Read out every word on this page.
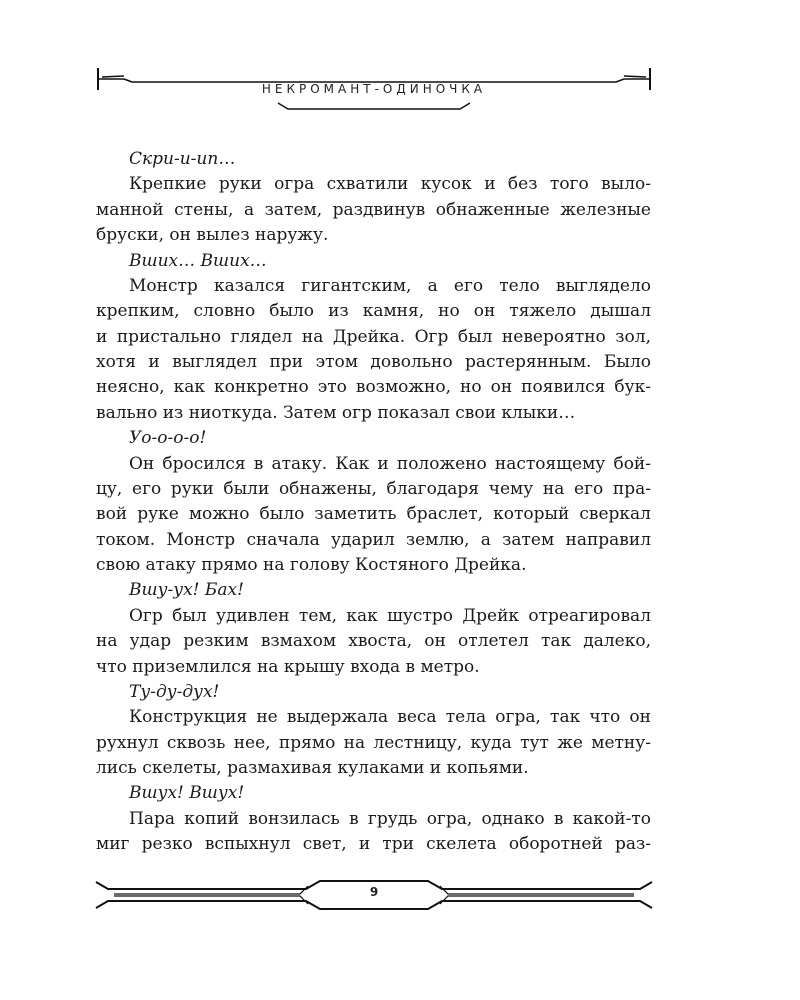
НЕКРОМАНТ-ОДИНОЧКА
Скри-и-ип…
Крепкие руки огра схватили кусок и без того выло-
манной стены, а затем, раздвинув обнаженные железные
бруски, он вылез наружу.
Вших… Вших…
Монстр казался гигантским, а его тело выглядело
крепким, словно было из камня, но он тяжело дышал
и пристально глядел на Дрейка. Огр был невероятно зол,
хотя и выглядел при этом довольно растерянным. Было
неясно, как конкретно это возможно, но он появился бук-
вально из ниоткуда. Затем огр показал свои клыки…
Уо-о-о-о!
Он бросился в атаку. Как и положено настоящему бой-
цу, его руки были обнажены, благодаря чему на его пра-
вой руке можно было заметить браслет, который сверкал
током. Монстр сначала ударил землю, а затем направил
свою атаку прямо на голову Костяного Дрейка.
Вшу-ух! Бах!
Огр был удивлен тем, как шустро Дрейк отреагировал
на удар резким взмахом хвоста, он отлетел так далеко,
что приземлился на крышу входа в метро.
Ту-ду-дух!
Конструкция не выдержала веса тела огра, так что он
рухнул сквозь нее, прямо на лестницу, куда тут же метну-
лись скелеты, размахивая кулаками и копьями.
Вшух! Вшух!
Пара копий вонзилась в грудь огра, однако в какой-то
миг резко вспыхнул свет, и три скелета оборотней раз-
9
